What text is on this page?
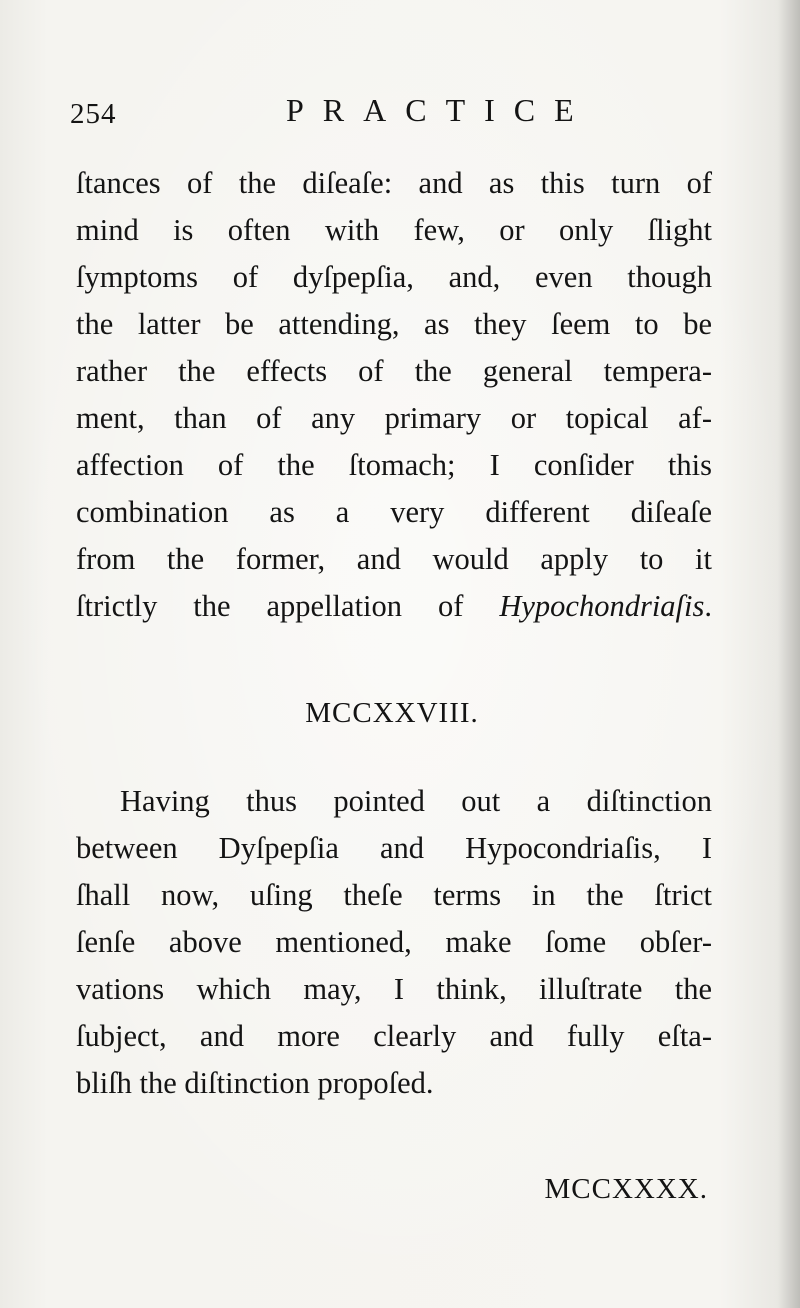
254	PRACTICE
ſtances of the diſeaſe: and as this turn of
mind is often with few, or only ſlight
ſymptoms of dyſpepſia, and, even though
the latter be attending, as they ſeem to be
rather the effects of the general tempera-
ment, than of any primary or topical af-
affection of the ſtomach; I conſider this
combination as a very different diſeaſe
from the former, and would apply to it
ſtrictly the appellation of Hypochondriaſis.
MCCXXVIII.
Having thus pointed out a diſtinction
between Dyſpepſia and Hypocondriaſis, I
ſhall now, uſing theſe terms in the ſtrict
ſenſe above mentioned, make ſome obſer-
vations which may, I think, illuſtrate the
ſubject, and more clearly and fully eſta-
bliſh the diſtinction propoſed.
MCCXXXX.
